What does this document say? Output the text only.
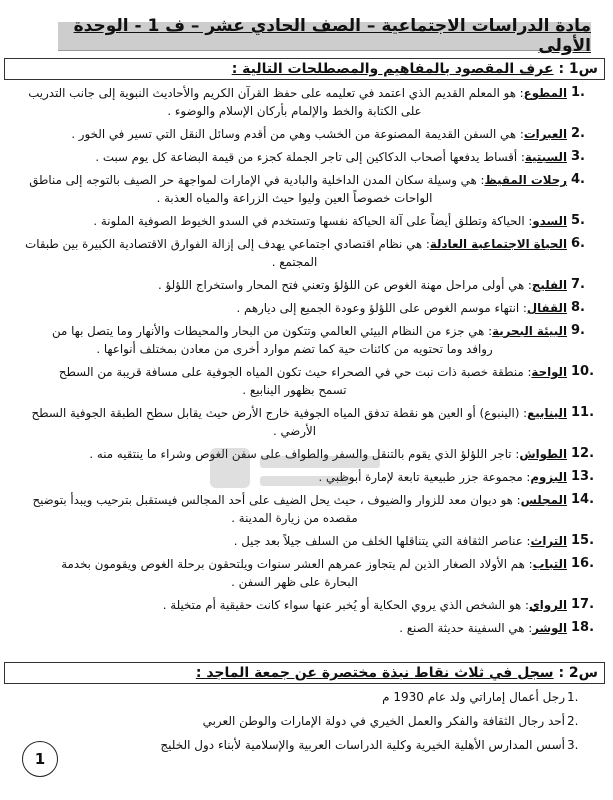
مادة الدراسات الاجتماعية – الصف الحادي عشر – ف 1 - الوحدة الأولى
س1 :

عرف المقصود بالمفاهيم والمصطلحات التالية :
1.
المطوع: هو المعلم القديم الذي اعتمد في تعليمه على حفظ القرآن الكريم والأحاديث النبوية إلى جانب التدريب
على الكتابة والخط والإلمام بأركان الإسلام والوضوء .
2.
العبرات: هي السفن القديمة المصنوعة من الخشب وهي من أقدم وسائل النقل التي تسير في الخور .
3.
السبتية: أقساط يدفعها أصحاب الدكاكين إلى تاجر الجملة كجزء من قيمة البضاعة كل يوم سبت .
4.
رحلات المقيظ: هي وسيلة سكان المدن الداخلية والبادية في الإمارات لمواجهة حر الصيف بالتوجه إلى مناطق
الواحات خصوصاً العين وليوا حيث الزراعة والمياه العذبة .
5.
السدو: الحياكة وتطلق أيضاً على آلة الحياكة نفسها وتستخدم في السدو الخيوط الصوفية الملونة .
6.
الحياة الاجتماعية العادلة: هي نظام اقتصادي اجتماعي يهدف إلى إزالة الفوارق الاقتصادية الكبيرة بين طبقات
المجتمع .
7.
الفليج: هي أولى مراحل مهنة الغوص عن اللؤلؤ وتعني فتح المحار واستخراج اللؤلؤ .
8.
القفال: انتهاء موسم الغوص على اللؤلؤ وعودة الجميع إلى ديارهم .
9.
البيئة البحرية: هي جزء من النظام البيئي العالمي وتتكون من البحار والمحيطات والأنهار وما يتصل بها من
روافد وما تحتويه من كائنات حية كما تضم موارد أخرى من معادن بمختلف أنواعها .
10.
الواحة: منطقة خصبة ذات نبت حي في الصحراء حيث تكون المياه الجوفية على مسافة قريبة من السطح
تسمح بظهور الينابيع .
11.
الينابيع: (الينبوع) أو العين هو نقطة تدفق المياه الجوفية خارج الأرض حيث يقابل سطح الطبقة الجوفية السطح
الأرضي .
12.
الطواش: تاجر اللؤلؤ الذي يقوم بالتنقل والسفر والطواف على سفن الغوص وشراء ما ينتقيه منه .
13.
البزوم: مجموعة جزر طبيعية تابعة لإمارة أبوظبي .
14.
المجلس: هو ديوان معد للزوار والضيوف ، حيث يحل الضيف على أحد المجالس فيستقبل بترحيب ويبدأ بتوضيح
مقصده من زيارة المدينة .
15.
التراث: عناصر الثقافة التي يتناقلها الخلف من السلف جيلاً بعد جيل .
16.
التباب: هم الأولاد الصغار الذين لم يتجاوز عمرهم العشر سنوات ويلتحقون برحلة الغوص ويقومون بخدمة
البحارة على ظهر السفن .
17.
الرواي: هو الشخص الذي يروي الحكاية أو يُخبر عنها سواء كانت حقيقية أم متخيلة .
18.
الوشر: هي السفينة حديثة الصنع .
س2 :

سجل في ثلاث نقاط نبذة مختصرة عن جمعة الماجد :
1.
رجل أعمال إماراتي ولد عام 1930 م
2.
أحد رجال الثقافة والفكر والعمل الخيري في دولة الإمارات والوطن العربي
3.
أسس المدارس الأهلية الخيرية وكلية الدراسات العربية والإسلامية لأبناء دول الخليج
1
